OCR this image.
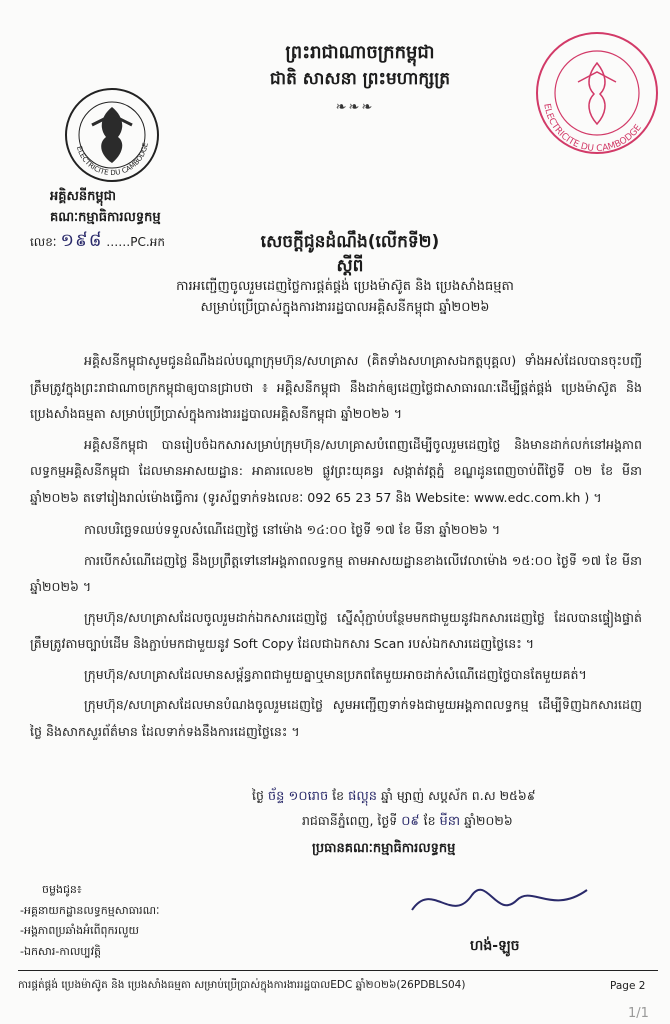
ព្រះរាជាណាចក្រកម្ពុជា
ជាតិ សាសនា ព្រះមហាក្សត្រ
❧❧❧
ELECTRICITE DU CAMBODGE
អគ្គិសនីកម្ពុជា
គណៈកម្មាធិការលទ្ធកម្ម
លេខៈ ១៩៨ ……PC.អក
ELECTRICITE DU CAMBODGE
សេចក្ដីជូនដំណឹង(លើកទី២)
ស្ដីពី
ការអញ្ជើញចូលរួមដេញថ្លៃការផ្គត់ផ្គង់ ប្រេងម៉ាស៊ូត និង ប្រេងសាំងធម្មតា
សម្រាប់ប្រើប្រាស់ក្នុងការងាររដ្ឋបាលអគ្គិសនីកម្ពុជា ឆ្នាំ២០២៦

អគ្គិសនីកម្ពុជាសូមជូនដំណឹងដល់បណ្ដាក្រុមហ៊ុន/សហគ្រាស (គិតទាំងសហគ្រាសឯកត្តបុគ្គល) ទាំងអស់ដែលបានចុះបញ្ជីត្រឹមត្រូវក្នុងព្រះរាជាណាចក្រកម្ពុជាឲ្យបានជ្រាបថា ៖ អគ្គិសនីកម្ពុជា នឹងដាក់ឲ្យដេញថ្លៃជាសាធារណៈដើម្បីផ្គត់ផ្គង់ ប្រេងម៉ាស៊ូត និង ប្រេងសាំងធម្មតា សម្រាប់ប្រើប្រាស់ក្នុងការងាររដ្ឋបាលអគ្គិសនីកម្ពុជា ឆ្នាំ២០២៦ ។

អគ្គិសនីកម្ពុជា បានរៀបចំឯកសារសម្រាប់ក្រុមហ៊ុន/សហគ្រាសបំពេញដើម្បីចូលរួមដេញថ្លៃ និងមានដាក់លក់នៅអង្គភាពលទ្ធកម្មអគ្គិសនីកម្ពុជា ដែលមានអាសយដ្ឋាន: អាគារលេខ២ ផ្លូវព្រះយុគន្ធរ សង្កាត់វត្តភ្នំ ខណ្ឌដូនពេញចាប់ពីថ្ងៃទី ០២ ខែ មីនា ឆ្នាំ២០២៦ តទៅរៀងរាល់ម៉ោងធ្វើការ (ទូរស័ព្ទទាក់ទងលេខៈ 092 65 23 57 និង Website: www.edc.com.kh ) ។

កាលបរិច្ឆេទឈប់ទទួលសំណើដេញថ្លៃ នៅម៉ោង ១៤:០០ ថ្ងៃទី ១៧ ខែ មីនា ឆ្នាំ២០២៦ ។

ការបើកសំណើដេញថ្លៃ នឹងប្រព្រឹត្តទៅនៅអង្គភាពលទ្ធកម្ម តាមអាសយដ្ឋានខាងលើវេលាម៉ោង ១៥:០០ ថ្ងៃទី ១៧ ខែ មីនា ឆ្នាំ២០២៦ ។

ក្រុមហ៊ុន/សហគ្រាសដែលចូលរួមដាក់ឯកសារដេញថ្លៃ ស្នើសុំភ្ជាប់បន្ថែមមកជាមួយនូវឯកសារដេញថ្លៃ ដែលបានផ្ទៀងផ្ទាត់ត្រឹមត្រូវតាមច្បាប់ដើម និងភ្ជាប់មកជាមួយនូវ Soft Copy ដែលជាឯកសារ Scan របស់ឯកសារដេញថ្លៃនេះ ។

ក្រុមហ៊ុន/សហគ្រាសដែលមានសម្ព័ន្ធភាពជាមួយគ្នាឬមានប្រភពតែមួយអាចដាក់សំណើដេញថ្លៃបានតែមួយគត់។

ក្រុមហ៊ុន/សហគ្រាសដែលមានបំណងចូលរួមដេញថ្លៃ សូមអញ្ជើញទាក់ទងជាមួយអង្គភាពលទ្ធកម្ម ដើម្បីទិញឯកសារដេញថ្លៃ និងសាកសួរព័ត៌មាន ដែលទាក់ទងនឹងការដេញថ្លៃនេះ ។

ថ្ងៃ ច័ន្ទ ១០រោច ខែ ផល្គុន ឆ្នាំ ម្សាញ់ សប្តស័ក ព.ស ២៥៦៩
រាជធានីភ្នំពេញ, ថ្ងៃទី ០៩ ខែ មីនា ឆ្នាំ២០២៦
ប្រធានគណៈកម្មាធិការលទ្ធកម្ម
ហង់-ឡូច
ចម្លងជូន៖
-អគ្គនាយកដ្ឋានលទ្ធកម្មសាធារណៈ
-អង្គភាពប្រឆាំងអំពើពុករលួយ
-ឯកសារ-កាលប្បវត្តិ
ការផ្គត់ផ្គង់ ប្រេងម៉ាស៊ូត និង ប្រេងសាំងធម្មតា សម្រាប់ប្រើប្រាស់ក្នុងការងាររដ្ឋបាលEDC ឆ្នាំ២០២៦(26PDBLS04)	Page 2
1/1
